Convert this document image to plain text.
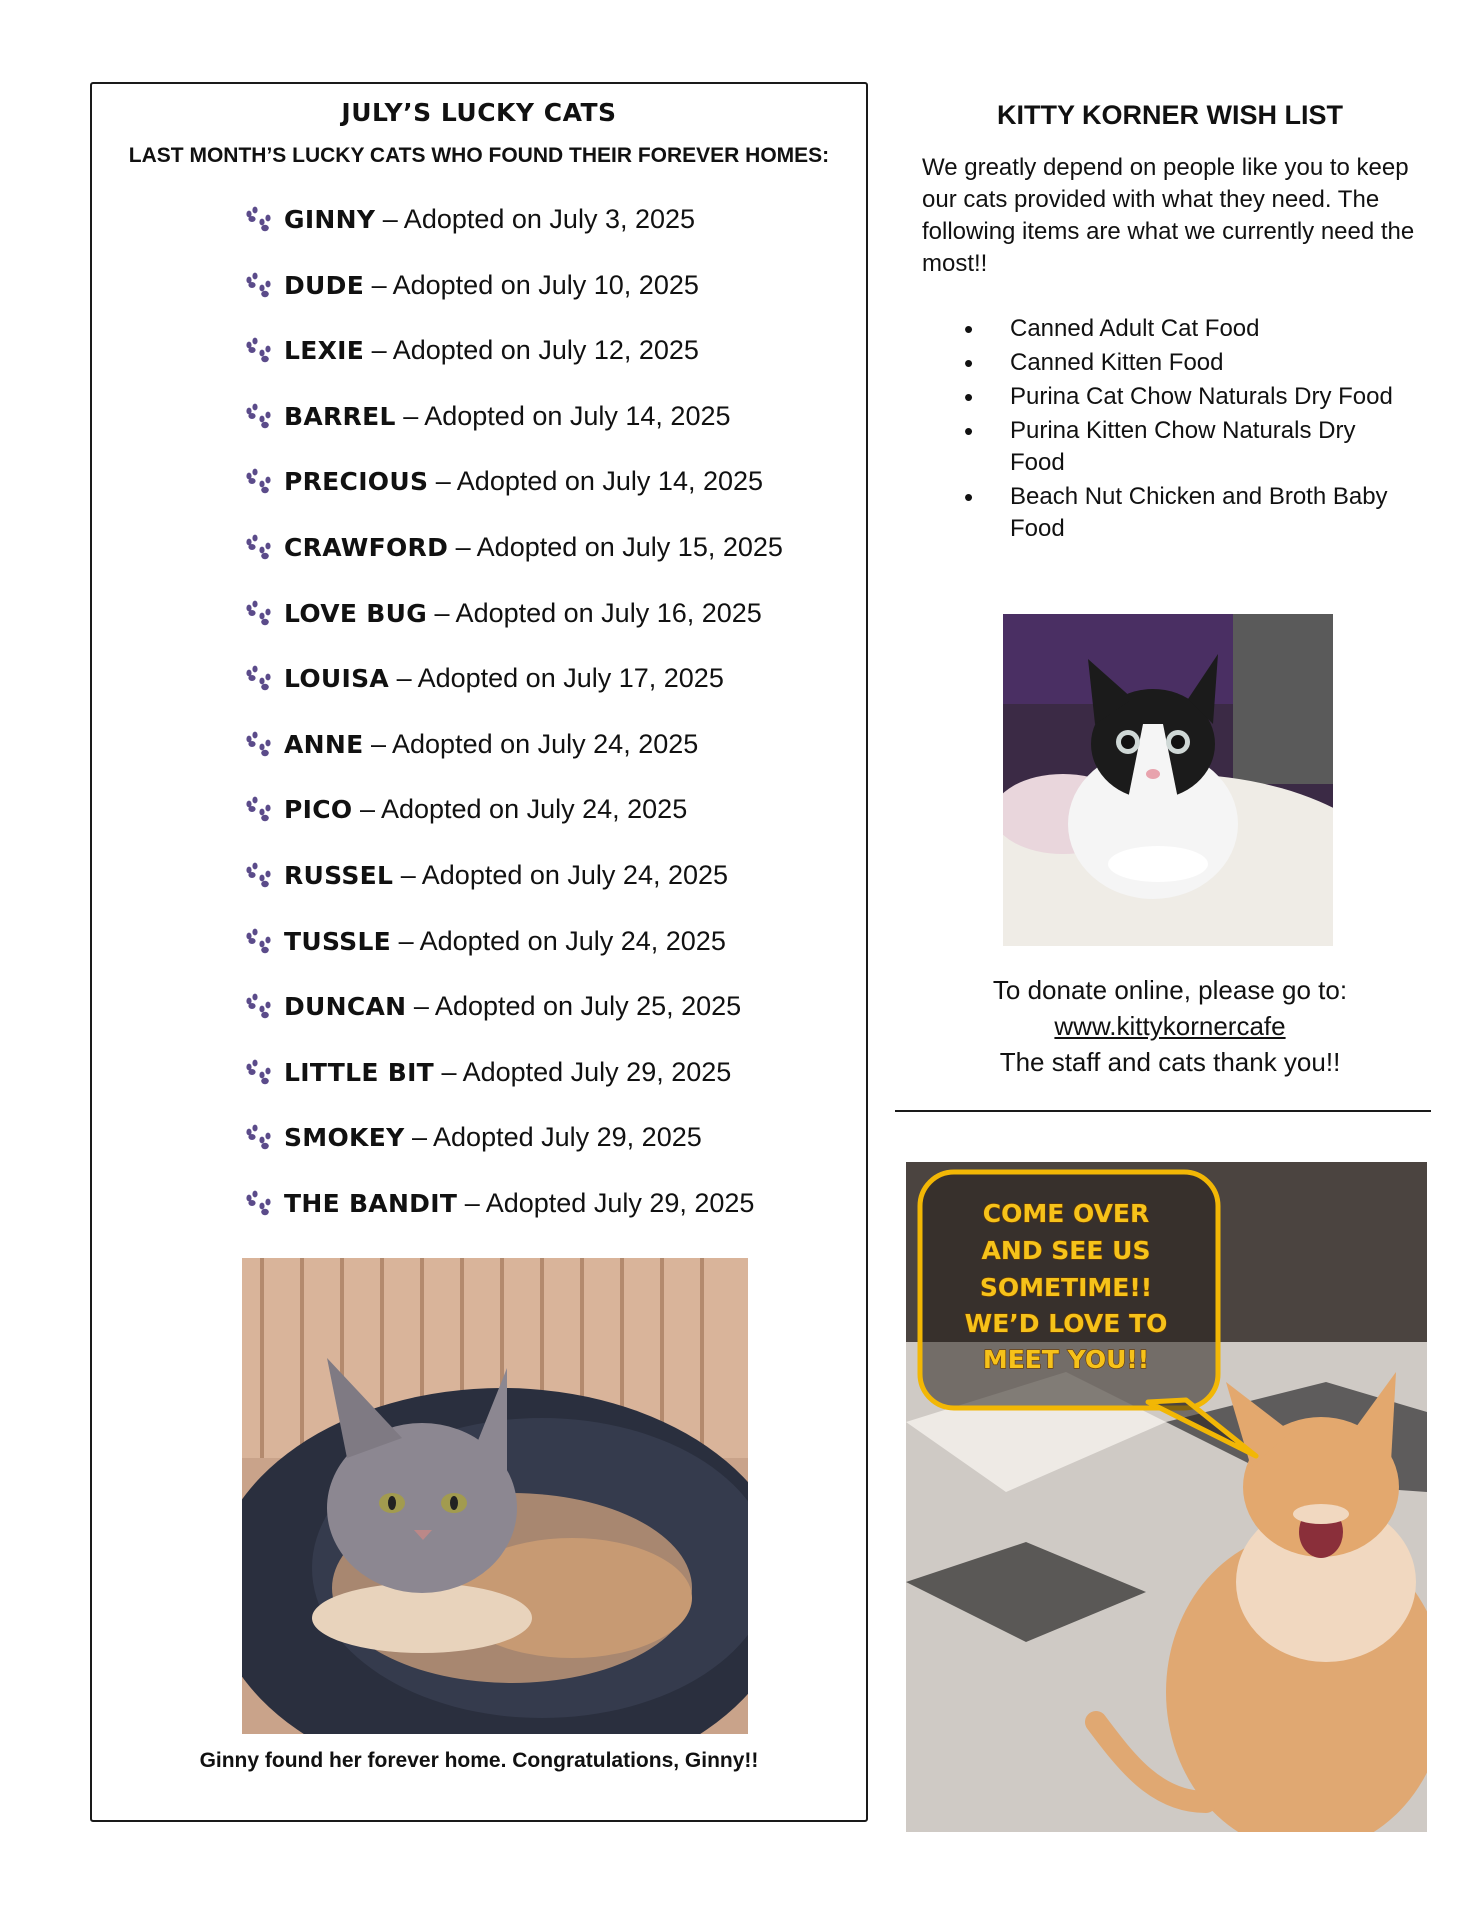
JULY’S LUCKY CATS
LAST MONTH’S LUCKY CATS WHO FOUND THEIR FOREVER HOMES:
GINNY – Adopted on July 3, 2025
DUDE – Adopted on July 10, 2025
LEXIE – Adopted on July 12, 2025
BARREL – Adopted on July 14, 2025
PRECIOUS – Adopted on July 14, 2025
CRAWFORD – Adopted on July 15, 2025
LOVE BUG – Adopted on July 16, 2025
LOUISA – Adopted on July 17, 2025
ANNE – Adopted on July 24, 2025
PICO – Adopted on July 24, 2025
RUSSEL – Adopted on July 24, 2025
TUSSLE – Adopted on July 24, 2025
DUNCAN – Adopted on July 25, 2025
LITTLE BIT – Adopted July 29, 2025
SMOKEY – Adopted July 29, 2025
THE BANDIT – Adopted July 29, 2025
Ginny found her forever home. Congratulations, Ginny!!
KITTY KORNER WISH LIST

We greatly depend on people like you to keep our cats provided with what they need. The following items are what we currently need the most!!

• Canned Adult Cat Food
• Canned Kitten Food
• Purina Cat Chow Naturals Dry Food
• Purina Kitten Chow Naturals Dry Food
• Beach Nut Chicken and Broth Baby Food
To donate online, please go to:
www.kittykornercafe
The staff and cats thank you!!
COME OVER
AND SEE US
SOMETIME!!
WE’D LOVE TO
MEET YOU!!
